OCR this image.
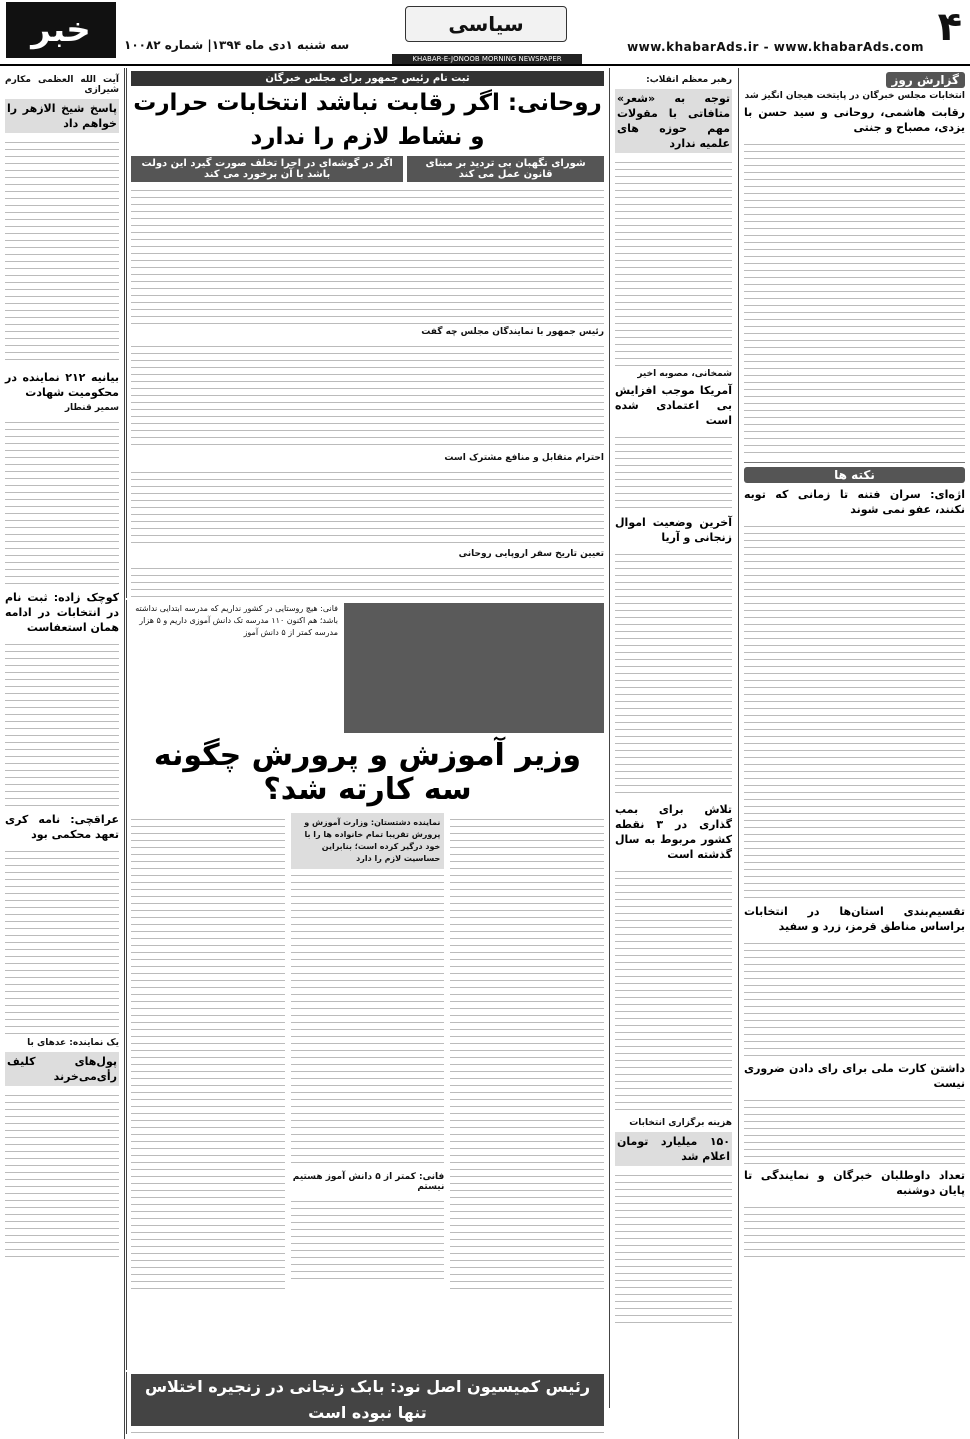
۴
www.khabarAds.ir - www.khabarAds.com
سیاسی
خبر	سه شنبه ۱دی ماه ۱۳۹۴| شماره ۱۰۰۸۲
KHABAR-E-JONOOB MORNING NEWSPAPER
گزارش روز
انتخابات مجلس خبرگان در پایتخت هیجان انگیز شد
رقابت هاشمی، روحانی و سید حسن با یزدی، مصباح و جنتی
نکته ها
اژه‌ای: سران فتنه تا زمانی که توبه نکنند، عفو نمی شوند
تقسیم‌بندی استان‌ها در انتخابات براساس مناطق قرمز، زرد و سفید
داشتن کارت ملی برای رای دادن ضروری نیست
تعداد داوطلبان خبرگان و نمایندگی تا پایان دوشنبه
رهبر معظم انقلاب:
توجه به «شعر» متافاتی با مقولات مهم حوزه های علمیه ندارد
شمخانی، مصوبه اخیر
آمریکا موجب افزایش بی اعتمادی شده است
آخرین وضعیت اموال زنجانی و آریا
تلاش برای بمب گذاری در ۳ نقطه کشور مربوط به سال گذشته است
هزینه برگزاری انتخابات
۱۵۰ میلیارد تومان اعلام شد
ثبت نام رئیس جمهور برای مجلس خبرگان
روحانی: اگر رقابت نباشد انتخابات حرارت و نشاط لازم را ندارد
شورای نگهبان بی تردید بر مبنای قانون عمل می کند
اگر در گوشه‌ای در اجرا تخلف صورت گیرد این دولت باشد با آن برخورد می کند
رئیس جمهور با نمایندگان مجلس چه گفت
احترام متقابل و منافع مشترک است
تعیین تاریخ سفر اروپایی روحانی
فانی: هیچ روستایی در کشور نداریم که مدرسه ابتدایی نداشته باشد؛ هم اکنون ۱۱۰ مدرسه تک دانش آموزی داریم و ۵ هزار مدرسه کمتر از ۵ دانش آموز
وزیر آموزش و پرورش چگونه سه کارته شد؟
نماینده دشتستان: وزارت آموزش و پرورش تقریبا تمام خانواده ها را با خود درگیر کرده است؛ بنابراین حساسیت لازم را دارد
فانی: کمتر از ۵ دانش آموز هستیم نیستم
رئیس کمیسیون اصل نود: بابک زنجانی در زنجیره اختلاس تنها نبوده است
آیت الله العظمی مکارم شیرازی
پاسخ شیخ الازهر را خواهم داد
بیانیه ۲۱۲ نماینده در محکومیت شهادت
سمیر قنطار
کوچک زاده: ثبت نام در انتخابات در ادامه همان استعفاست
عراقچی: نامه کری تعهد محکمی بود
یک نماینده: عدهای با
پول‌های کلیف رأی‌می‌خرند
